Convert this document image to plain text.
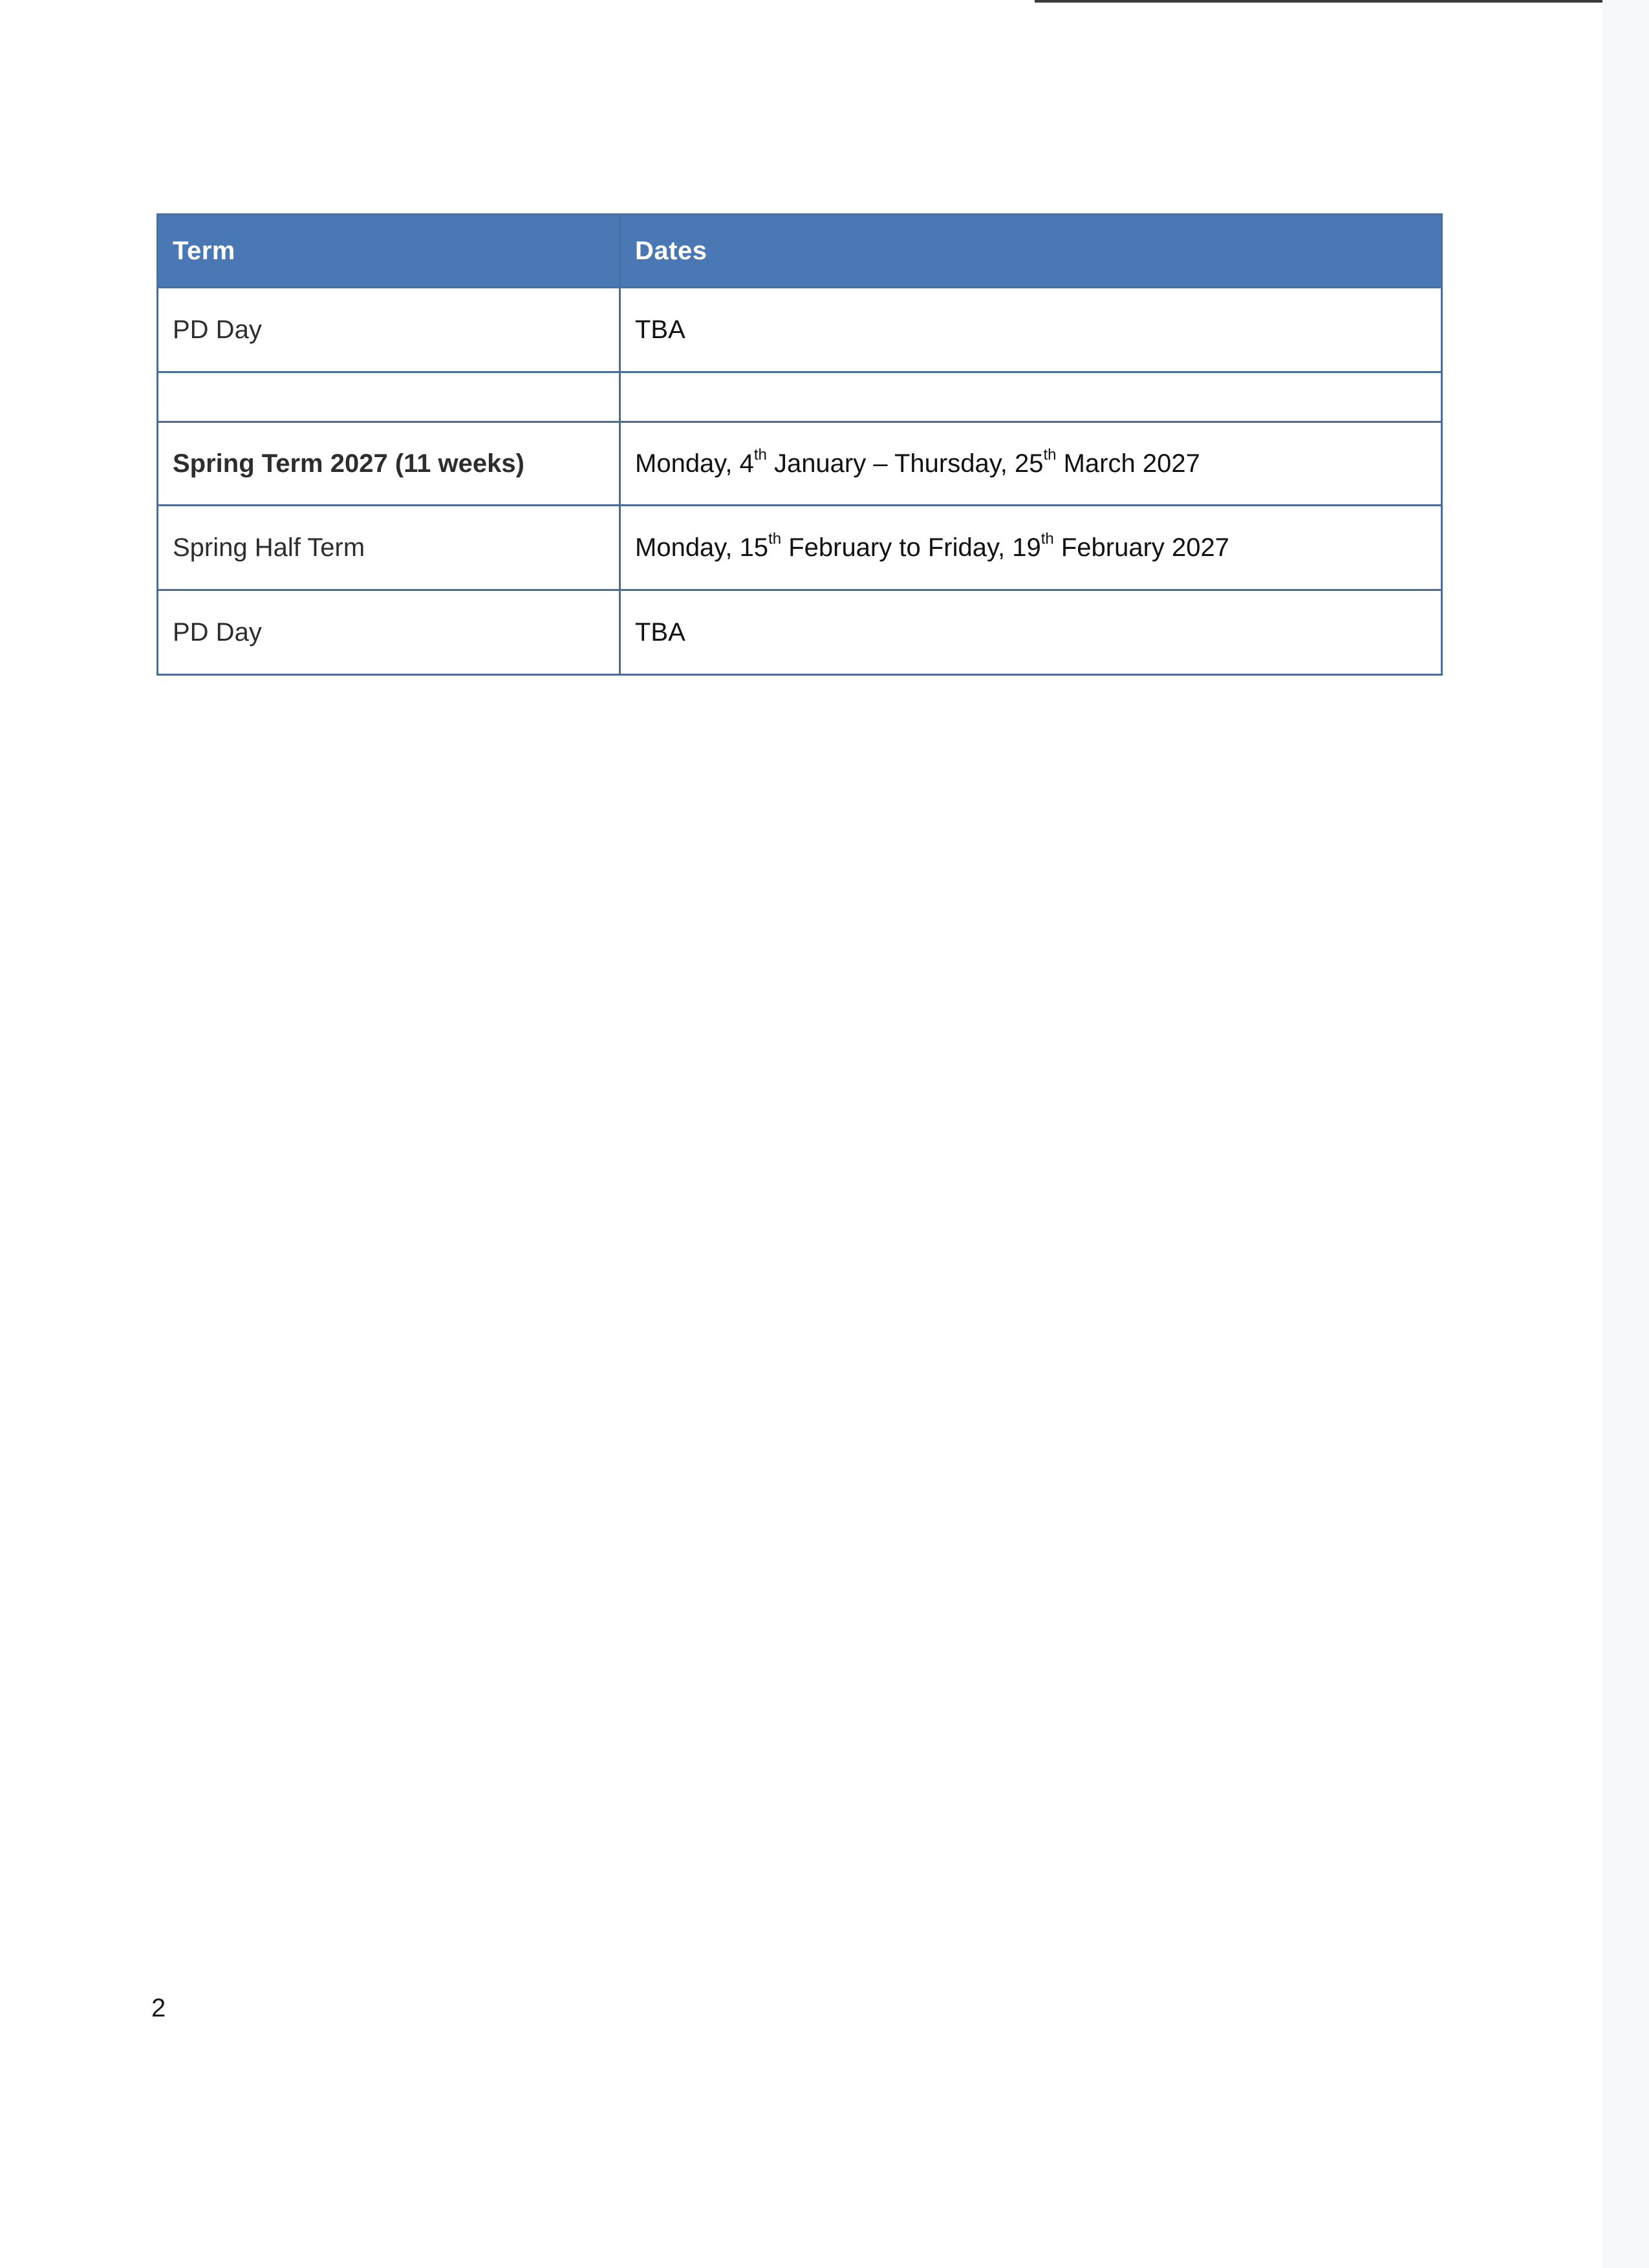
Term	Dates
PD Day	TBA

Spring Term 2027 (11 weeks)	Monday, 4th January – Thursday, 25th March 2027
Spring Half Term	Monday, 15th February to Friday, 19th February 2027
PD Day	TBA
2
